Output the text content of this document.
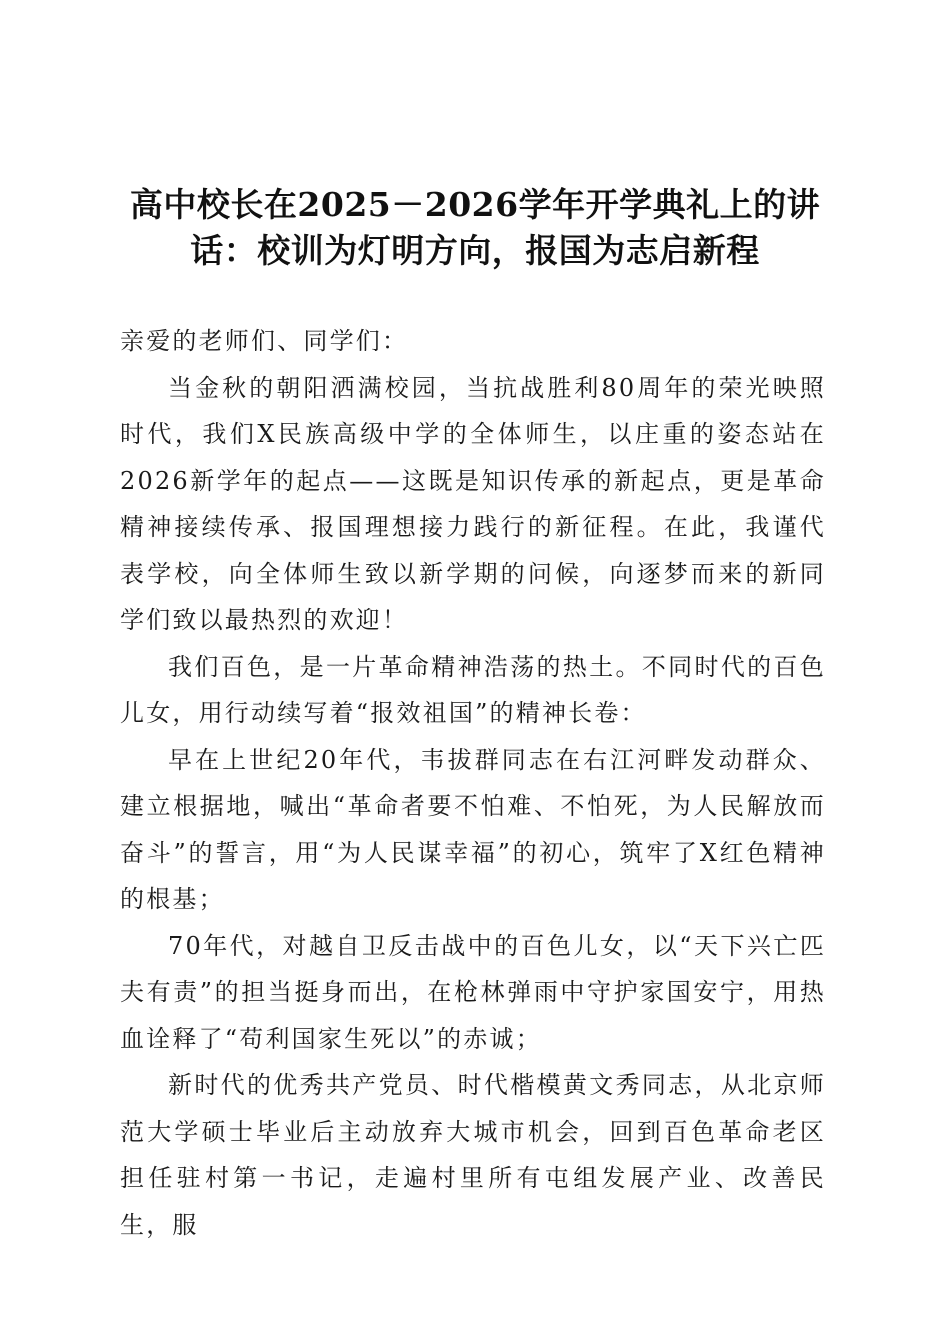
高中校长在2025－2026学年开学典礼上的讲话：校训为灯明方向，报国为志启新程

亲爱的老师们、同学们：

当金秋的朝阳洒满校园，当抗战胜利80周年的荣光映照时代，我们X民族高级中学的全体师生，以庄重的姿态站在2026新学年的起点——这既是知识传承的新起点，更是革命精神接续传承、报国理想接力践行的新征程。在此，我谨代表学校，向全体师生致以新学期的问候，向逐梦而来的新同学们致以最热烈的欢迎！

我们百色，是一片革命精神浩荡的热土。不同时代的百色儿女，用行动续写着“报效祖国”的精神长卷：

早在上世纪20年代，韦拔群同志在右江河畔发动群众、建立根据地，喊出“革命者要不怕难、不怕死，为人民解放而奋斗”的誓言，用“为人民谋幸福”的初心，筑牢了X红色精神的根基；

70年代，对越自卫反击战中的百色儿女，以“天下兴亡匹夫有责”的担当挺身而出，在枪林弹雨中守护家国安宁，用热血诠释了“苟利国家生死以”的赤诚；

新时代的优秀共产党员、时代楷模黄文秀同志，从北京师范大学硕士毕业后主动放弃大城市机会，回到百色革命老区担任驻村第一书记，走遍村里所有屯组发展产业、改善民生，服
